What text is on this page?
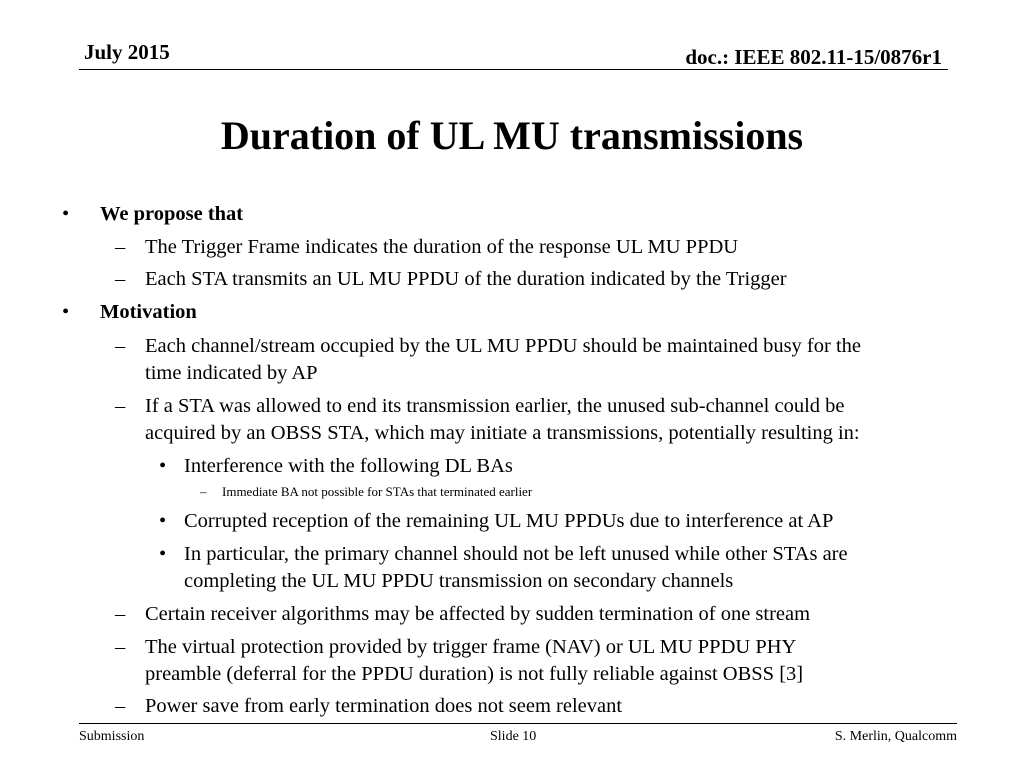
July 2015	doc.: IEEE 802.11-15/0876r1
Duration of UL MU transmissions
• We propose that
– The Trigger Frame indicates the duration of the response UL MU PPDU
– Each STA transmits an UL MU PPDU of the duration indicated by the Trigger
• Motivation
– Each channel/stream occupied by the UL MU PPDU should be maintained busy for the
time indicated by AP
– If a STA was allowed to end its transmission earlier, the unused sub-channel could be
acquired by an OBSS STA, which may initiate a transmissions, potentially resulting in:
• Interference with the following DL BAs
– Immediate BA not possible for STAs that terminated earlier
• Corrupted reception of the remaining UL MU PPDUs due to interference at AP
• In particular, the primary channel should not be left unused while other STAs are
completing the UL MU PPDU transmission on secondary channels
– Certain receiver algorithms may be affected by sudden termination of one stream
– The virtual protection provided by trigger frame (NAV) or UL MU PPDU PHY
preamble (deferral for the PPDU duration) is not fully reliable against OBSS [3]
– Power save from early termination does not seem relevant
Submission	Slide 10	S. Merlin, Qualcomm
